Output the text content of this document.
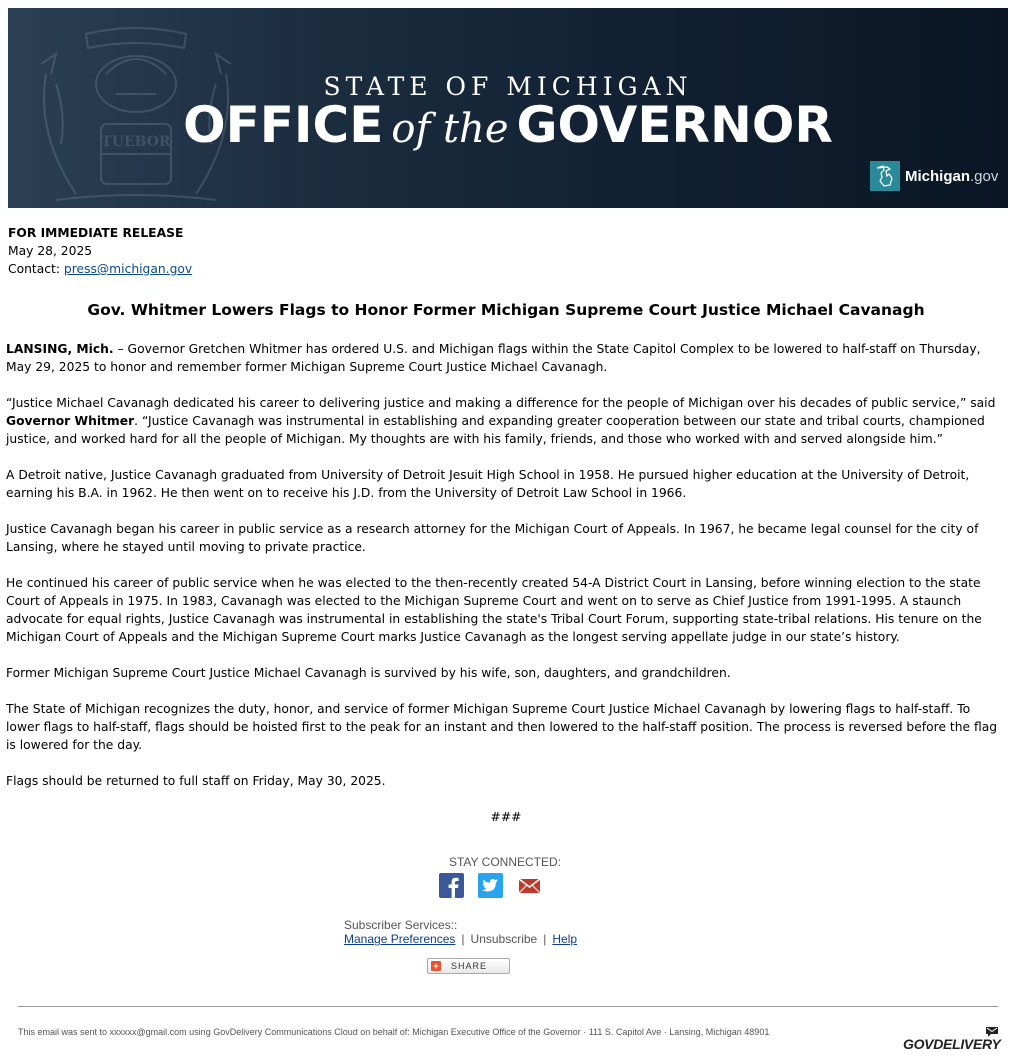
TUEBOR
STATE OF MICHIGAN
OFFICE of the GOVERNOR
Michigan.gov
FOR IMMEDIATE RELEASE
May 28, 2025
Contact: press@michigan.gov
Gov. Whitmer Lowers Flags to Honor Former Michigan Supreme Court Justice Michael Cavanagh

LANSING, Mich. – Governor Gretchen Whitmer has ordered U.S. and Michigan flags within the State Capitol Complex to be lowered to half-staff on Thursday, May 29, 2025 to honor and remember former Michigan Supreme Court Justice Michael Cavanagh.

“Justice Michael Cavanagh dedicated his career to delivering justice and making a difference for the people of Michigan over his decades of public service,” said Governor Whitmer. “Justice Cavanagh was instrumental in establishing and expanding greater cooperation between our state and tribal courts, championed justice, and worked hard for all the people of Michigan. My thoughts are with his family, friends, and those who worked with and served alongside him.”

A Detroit native, Justice Cavanagh graduated from University of Detroit Jesuit High School in 1958. He pursued higher education at the University of Detroit, earning his B.A. in 1962. He then went on to receive his J.D. from the University of Detroit Law School in 1966.

Justice Cavanagh began his career in public service as a research attorney for the Michigan Court of Appeals. In 1967, he became legal counsel for the city of Lansing, where he stayed until moving to private practice.

He continued his career of public service when he was elected to the then-recently created 54-A District Court in Lansing, before winning election to the state Court of Appeals in 1975. In 1983, Cavanagh was elected to the Michigan Supreme Court and went on to serve as Chief Justice from 1991-1995. A staunch advocate for equal rights, Justice Cavanagh was instrumental in establishing the state's Tribal Court Forum, supporting state-tribal relations. His tenure on the Michigan Court of Appeals and the Michigan Supreme Court marks Justice Cavanagh as the longest serving appellate judge in our state’s history.

Former Michigan Supreme Court Justice Michael Cavanagh is survived by his wife, son, daughters, and grandchildren.

The State of Michigan recognizes the duty, honor, and service of former Michigan Supreme Court Justice Michael Cavanagh by lowering flags to half-staff. To lower flags to half-staff, flags should be hoisted first to the peak for an instant and then lowered to the half-staff position. The process is reversed before the flag is lowered for the day.

Flags should be returned to full staff on Friday, May 30, 2025.

###
STAY CONNECTED:
Subscriber Services::
Manage Preferences | Unsubscribe | Help
+ SHARE
This email was sent to xxxxxx@gmail.com using GovDelivery Communications Cloud on behalf of: Michigan Executive Office of the Governor · 111 S. Capitol Ave · Lansing, Michigan 48901
GOVDELIVERY
